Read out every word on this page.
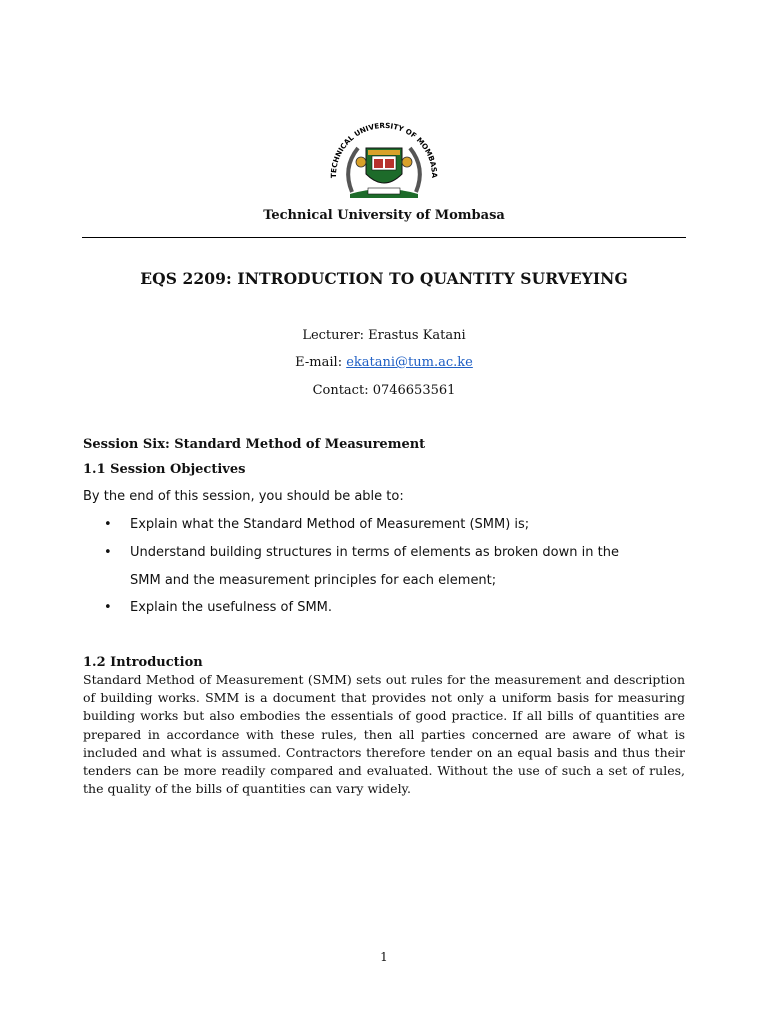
TECHNICAL UNIVERSITY OF MOMBASA
Technical University of Mombasa
EQS 2209: INTRODUCTION TO QUANTITY SURVEYING
Lecturer: Erastus Katani
E-mail: ekatani@tum.ac.ke
Contact: 0746653561
Session Six: Standard Method of Measurement
1.1 Session Objectives
By the end of this session, you should be able to:
• Explain what the Standard Method of Measurement (SMM) is;
• Understand building structures in terms of elements as broken down in the
SMM and the measurement principles for each element;
• Explain the usefulness of SMM.
1.2 Introduction
Standard Method of Measurement (SMM) sets out rules for the measurement and description of building works. SMM is a document that provides not only a uniform basis for measuring building works but also embodies the essentials of good practice. If all bills of quantities are prepared in accordance with these rules, then all parties concerned are aware of what is included and what is assumed. Contractors therefore tender on an equal basis and thus their tenders can be more readily compared and evaluated. Without the use of such a set of rules, the quality of the bills of quantities can vary widely.
1
